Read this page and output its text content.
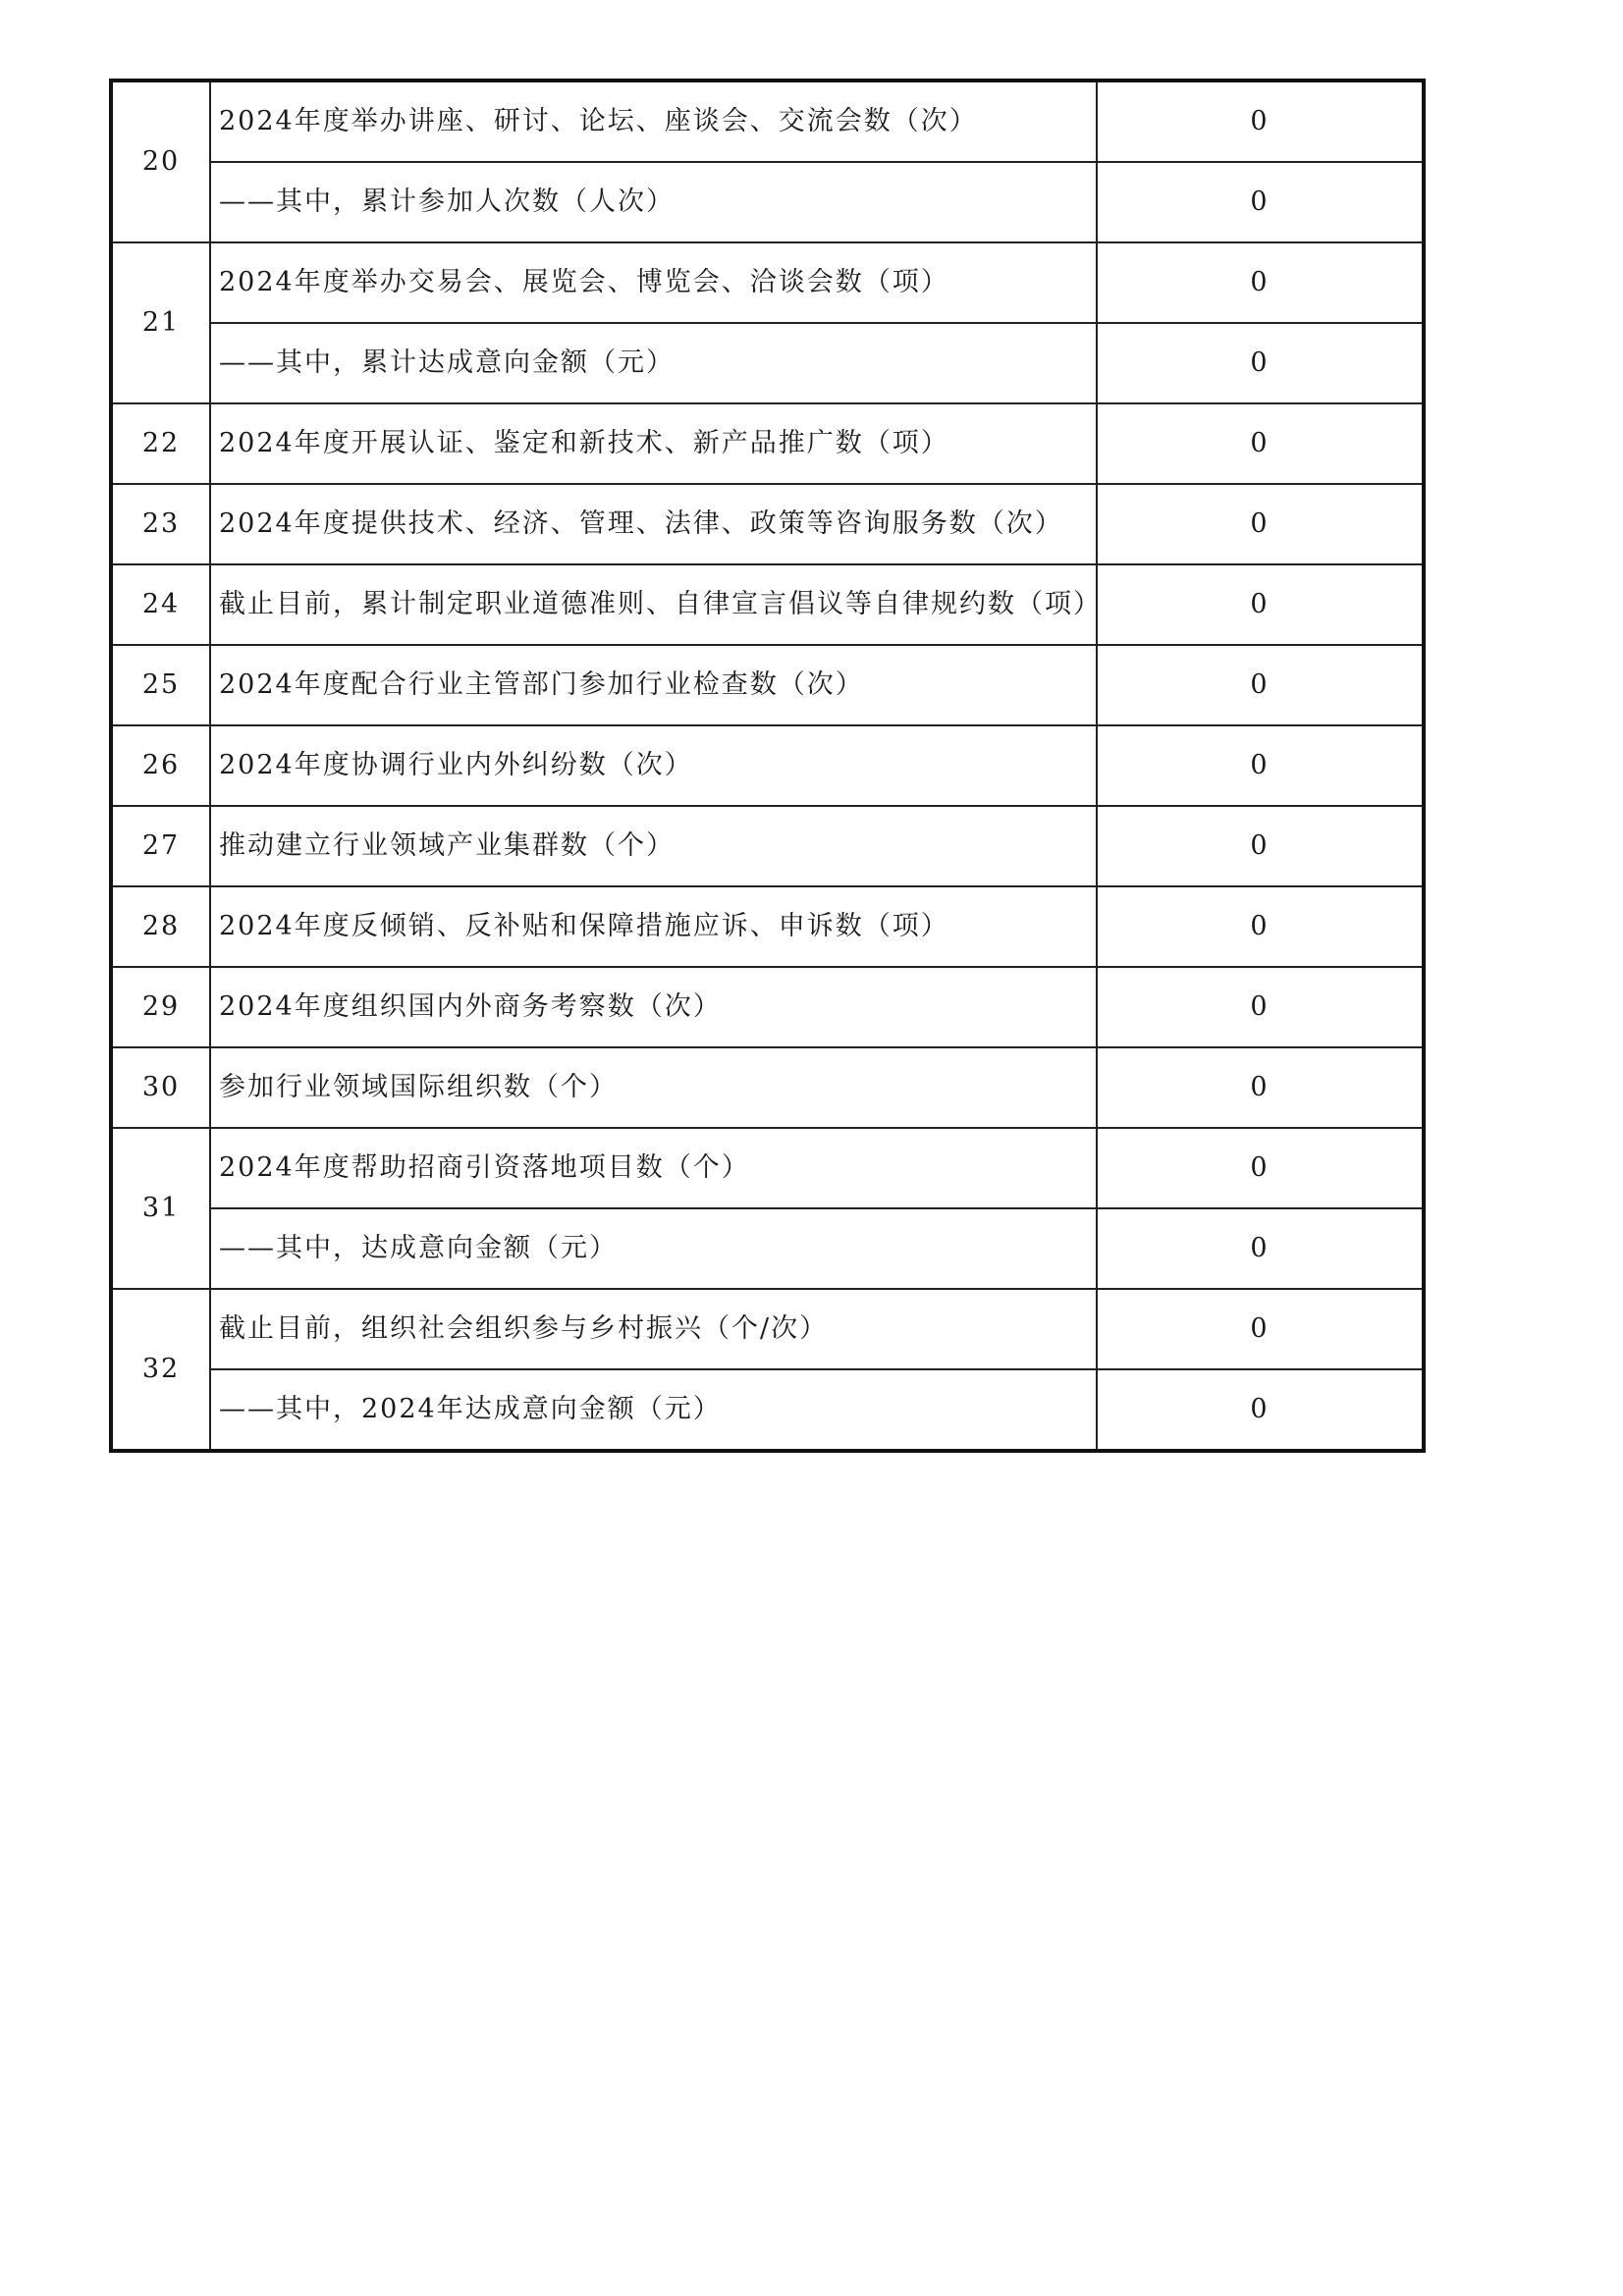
20	2024年度举办讲座、研讨、论坛、座谈会、交流会数（次）	0
	——其中，累计参加人次数（人次）	0
21	2024年度举办交易会、展览会、博览会、洽谈会数（项）	0
	——其中，累计达成意向金额（元）	0
22	2024年度开展认证、鉴定和新技术、新产品推广数（项）	0
23	2024年度提供技术、经济、管理、法律、政策等咨询服务数（次）	0
24	截止目前，累计制定职业道德准则、自律宣言倡议等自律规约数（项）	0
25	2024年度配合行业主管部门参加行业检查数（次）	0
26	2024年度协调行业内外纠纷数（次）	0
27	推动建立行业领域产业集群数（个）	0
28	2024年度反倾销、反补贴和保障措施应诉、申诉数（项）	0
29	2024年度组织国内外商务考察数（次）	0
30	参加行业领域国际组织数（个）	0
31	2024年度帮助招商引资落地项目数（个）	0
	——其中，达成意向金额（元）	0
32	截止目前，组织社会组织参与乡村振兴（个/次）	0
	——其中，2024年达成意向金额（元）	0
